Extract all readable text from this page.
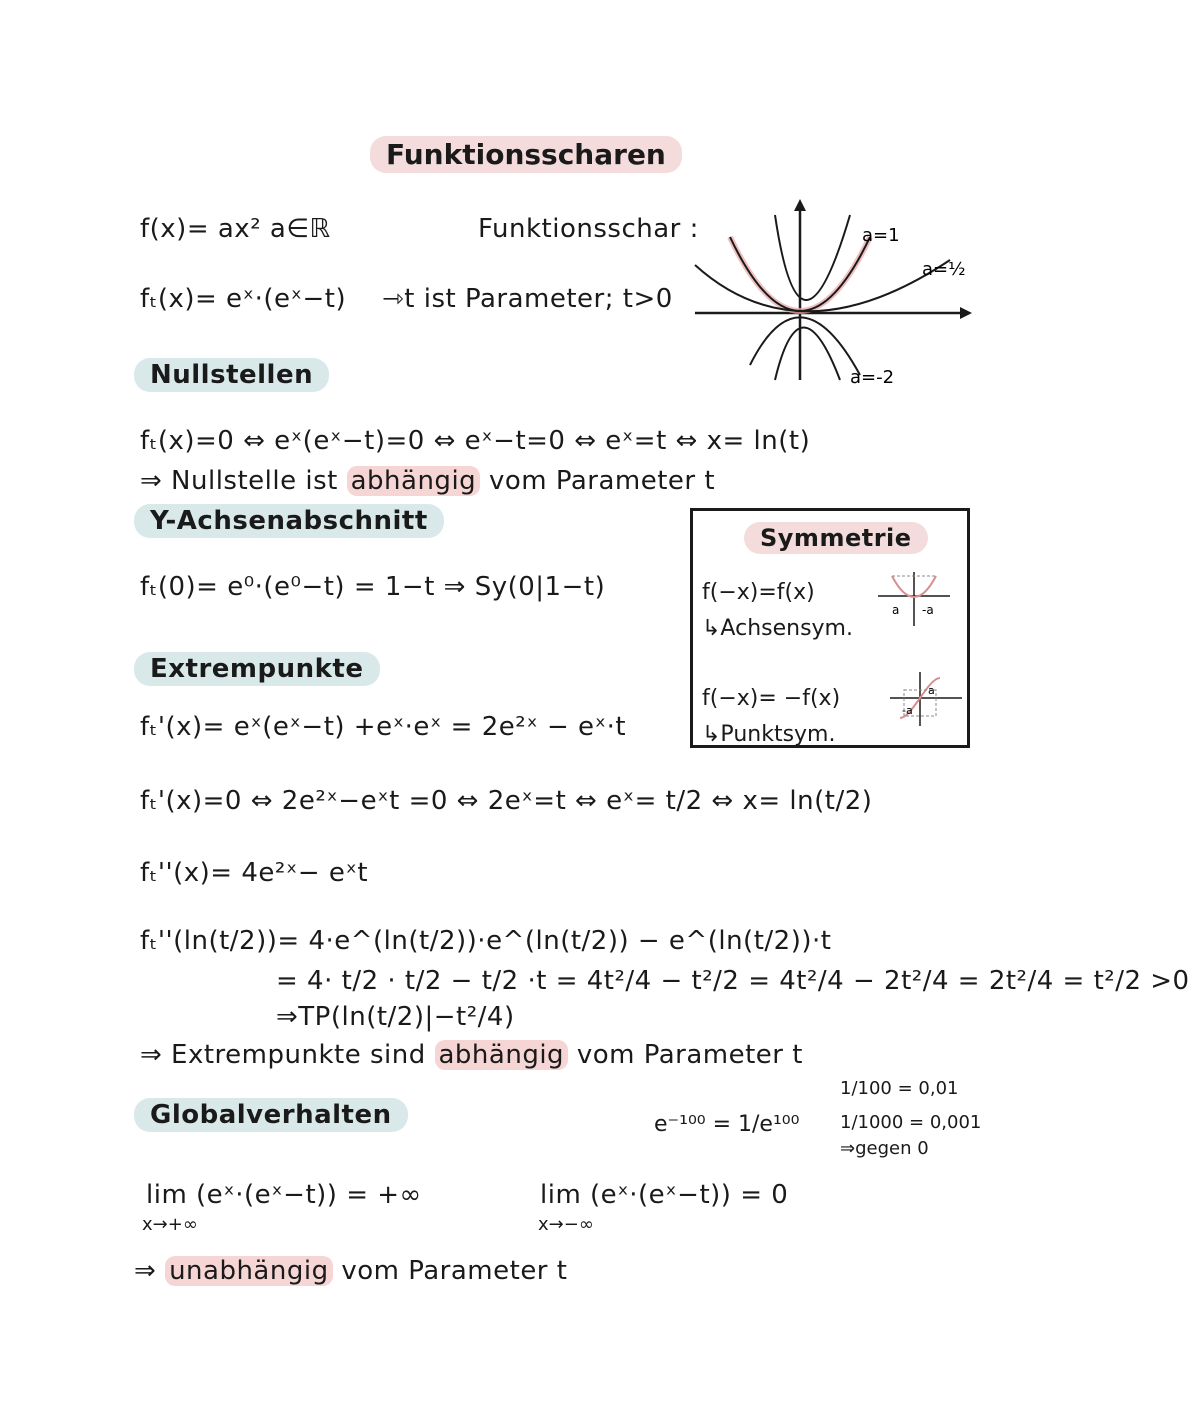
Funktionsscharen
f(x)= ax² a∈ℝ	Funktionsschar :
fₜ(x)= eˣ·(eˣ−t) ⇾t ist Parameter; t>0
a=1
a=½
a=-2
Nullstellen
fₜ(x)=0 ⇔ eˣ(eˣ−t)=0 ⇔ eˣ−t=0 ⇔ eˣ=t ⇔ x= ln(t)
⇒ Nullstelle ist abhängig vom Parameter t
Y-Achsenabschnitt
fₜ(0)= e⁰·(e⁰−t) = 1−t ⇒ Sy(0|1−t)
Symmetrie
f(−x)=f(x)
↳Achsensym.
a -a
f(−x)= −f(x)
↳Punktsym.
-a
a
Extrempunkte
fₜ'(x)= eˣ(eˣ−t) +eˣ·eˣ = 2e²ˣ − eˣ·t
fₜ'(x)=0 ⇔ 2e²ˣ−eˣt =0 ⇔ 2eˣ=t ⇔ eˣ= t/2 ⇔ x= ln(t/2)
fₜ''(x)= 4e²ˣ− eˣt
fₜ''(ln(t/2))= 4·e^(ln(t/2))·e^(ln(t/2)) − e^(ln(t/2))·t
= 4· t/2 · t/2 − t/2 ·t = 4t²/4 − t²/2 = 4t²/4 − 2t²/4 = 2t²/4 = t²/2 >0
⇒TP(ln(t/2)|−t²/4)
⇒ Extrempunkte sind abhängig vom Parameter t
Globalverhalten	e⁻¹⁰⁰ = 1/e¹⁰⁰
1/100 = 0,01
1/1000 = 0,001
⇒gegen 0
lim (eˣ·(eˣ−t)) = +∞
x→+∞
lim (eˣ·(eˣ−t)) = 0
x→−∞
⇒ unabhängig vom Parameter t
